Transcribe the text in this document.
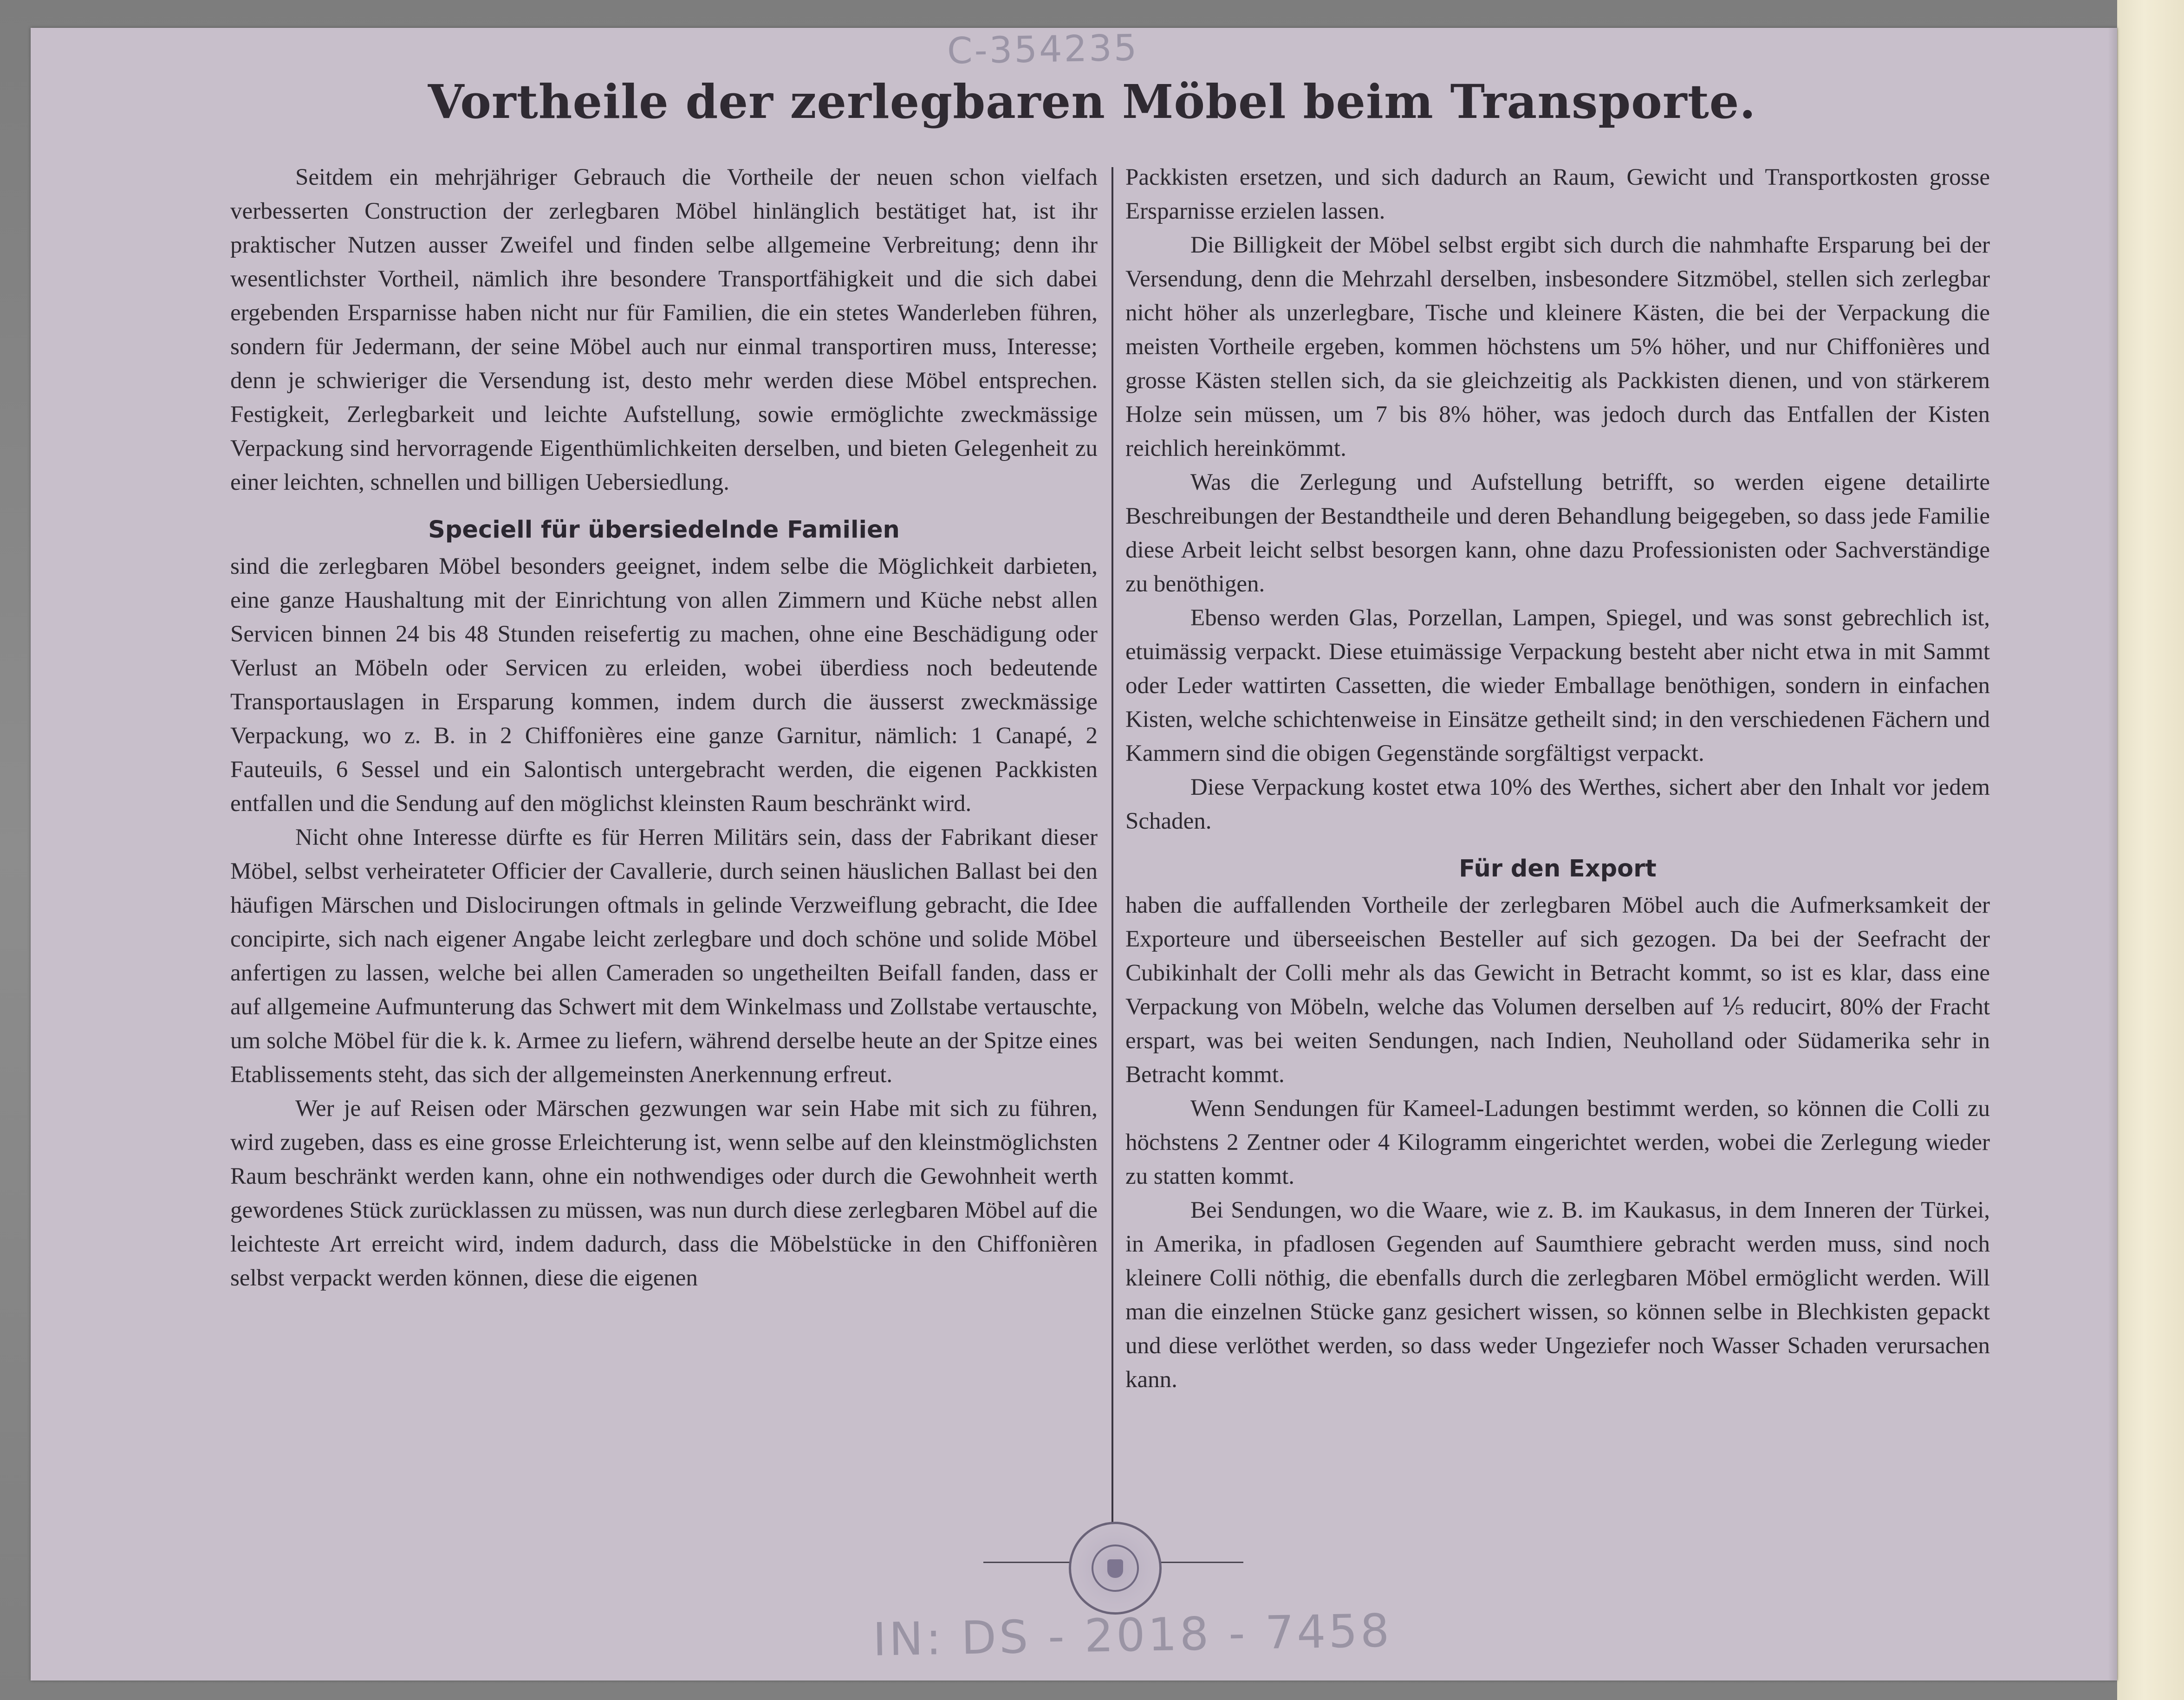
C-354235
Vortheile der zerlegbaren Möbel beim Transporte.

Seitdem ein mehrjähriger Gebrauch die Vortheile der neuen schon vielfach verbesserten Construction der zerlegbaren Möbel hinlänglich bestätiget hat, ist ihr praktischer Nutzen ausser Zweifel und finden selbe allgemeine Verbreitung; denn ihr wesentlichster Vortheil, nämlich ihre besondere Transportfähigkeit und die sich dabei ergebenden Ersparnisse haben nicht nur für Familien, die ein stetes Wanderleben führen, sondern für Jedermann, der seine Möbel auch nur einmal transportiren muss, Interesse; denn je schwieriger die Versendung ist, desto mehr werden diese Möbel entsprechen. Festigkeit, Zerlegbarkeit und leichte Aufstellung, sowie ermöglichte zweckmässige Verpackung sind hervorragende Eigenthümlichkeiten derselben, und bieten Gelegenheit zu einer leichten, schnellen und billigen Uebersiedlung.

Speciell für übersiedelnde Familien

sind die zerlegbaren Möbel besonders geeignet, indem selbe die Möglichkeit darbieten, eine ganze Haushaltung mit der Einrichtung von allen Zimmern und Küche nebst allen Servicen binnen 24 bis 48 Stunden reisefertig zu machen, ohne eine Beschädigung oder Verlust an Möbeln oder Servicen zu erleiden, wobei überdiess noch bedeutende Transportauslagen in Ersparung kommen, indem durch die äusserst zweckmässige Verpackung, wo z. B. in 2 Chiffonières eine ganze Garnitur, nämlich: 1 Canapé, 2 Fauteuils, 6 Sessel und ein Salontisch untergebracht werden, die eigenen Packkisten entfallen und die Sendung auf den möglichst kleinsten Raum beschränkt wird.

Nicht ohne Interesse dürfte es für Herren Militärs sein, dass der Fabrikant dieser Möbel, selbst verheirateter Officier der Cavallerie, durch seinen häuslichen Ballast bei den häufigen Märschen und Dislocirungen oftmals in gelinde Verzweiflung gebracht, die Idee concipirte, sich nach eigener Angabe leicht zerlegbare und doch schöne und solide Möbel anfertigen zu lassen, welche bei allen Cameraden so ungetheilten Beifall fanden, dass er auf allgemeine Aufmunterung das Schwert mit dem Winkelmass und Zollstabe vertauschte, um solche Möbel für die k. k. Armee zu liefern, während derselbe heute an der Spitze eines Etablissements steht, das sich der allgemeinsten Anerkennung erfreut.

Wer je auf Reisen oder Märschen gezwungen war sein Habe mit sich zu führen, wird zugeben, dass es eine grosse Erleichterung ist, wenn selbe auf den kleinstmöglichsten Raum beschränkt werden kann, ohne ein nothwendiges oder durch die Gewohnheit werth gewordenes Stück zurücklassen zu müssen, was nun durch diese zerlegbaren Möbel auf die leichteste Art erreicht wird, indem dadurch, dass die Möbelstücke in den Chiffonièren selbst verpackt werden können, diese die eigenen

Packkisten ersetzen, und sich dadurch an Raum, Gewicht und Transportkosten grosse Ersparnisse erzielen lassen.

Die Billigkeit der Möbel selbst ergibt sich durch die nahmhafte Ersparung bei der Versendung, denn die Mehrzahl derselben, insbesondere Sitzmöbel, stellen sich zerlegbar nicht höher als unzerlegbare, Tische und kleinere Kästen, die bei der Verpackung die meisten Vortheile ergeben, kommen höchstens um 5% höher, und nur Chiffonières und grosse Kästen stellen sich, da sie gleichzeitig als Packkisten dienen, und von stärkerem Holze sein müssen, um 7 bis 8% höher, was jedoch durch das Entfallen der Kisten reichlich hereinkömmt.

Was die Zerlegung und Aufstellung betrifft, so werden eigene detailirte Beschreibungen der Bestandtheile und deren Behandlung beigegeben, so dass jede Familie diese Arbeit leicht selbst besorgen kann, ohne dazu Professionisten oder Sachverständige zu benöthigen.

Ebenso werden Glas, Porzellan, Lampen, Spiegel, und was sonst gebrechlich ist, etuimässig verpackt. Diese etuimässige Verpackung besteht aber nicht etwa in mit Sammt oder Leder wattirten Cassetten, die wieder Emballage benöthigen, sondern in einfachen Kisten, welche schichtenweise in Einsätze getheilt sind; in den verschiedenen Fächern und Kammern sind die obigen Gegenstände sorgfältigst verpackt.

Diese Verpackung kostet etwa 10% des Werthes, sichert aber den Inhalt vor jedem Schaden.

Für den Export

haben die auffallenden Vortheile der zerlegbaren Möbel auch die Aufmerksamkeit der Exporteure und überseeischen Besteller auf sich gezogen. Da bei der Seefracht der Cubikinhalt der Colli mehr als das Gewicht in Betracht kommt, so ist es klar, dass eine Verpackung von Möbeln, welche das Volumen derselben auf ⅕ reducirt, 80% der Fracht erspart, was bei weiten Sendungen, nach Indien, Neuholland oder Südamerika sehr in Betracht kommt.

Wenn Sendungen für Kameel-Ladungen bestimmt werden, so können die Colli zu höchstens 2 Zentner oder 4 Kilogramm eingerichtet werden, wobei die Zerlegung wieder zu statten kommt.

Bei Sendungen, wo die Waare, wie z. B. im Kaukasus, in dem Inneren der Türkei, in Amerika, in pfadlosen Gegenden auf Saumthiere gebracht werden muss, sind noch kleinere Colli nöthig, die ebenfalls durch die zerlegbaren Möbel ermöglicht werden. Will man die einzelnen Stücke ganz gesichert wissen, so können selbe in Blechkisten gepackt und diese verlöthet werden, so dass weder Ungeziefer noch Wasser Schaden verursachen kann.

IN: DS - 2018 - 7458
